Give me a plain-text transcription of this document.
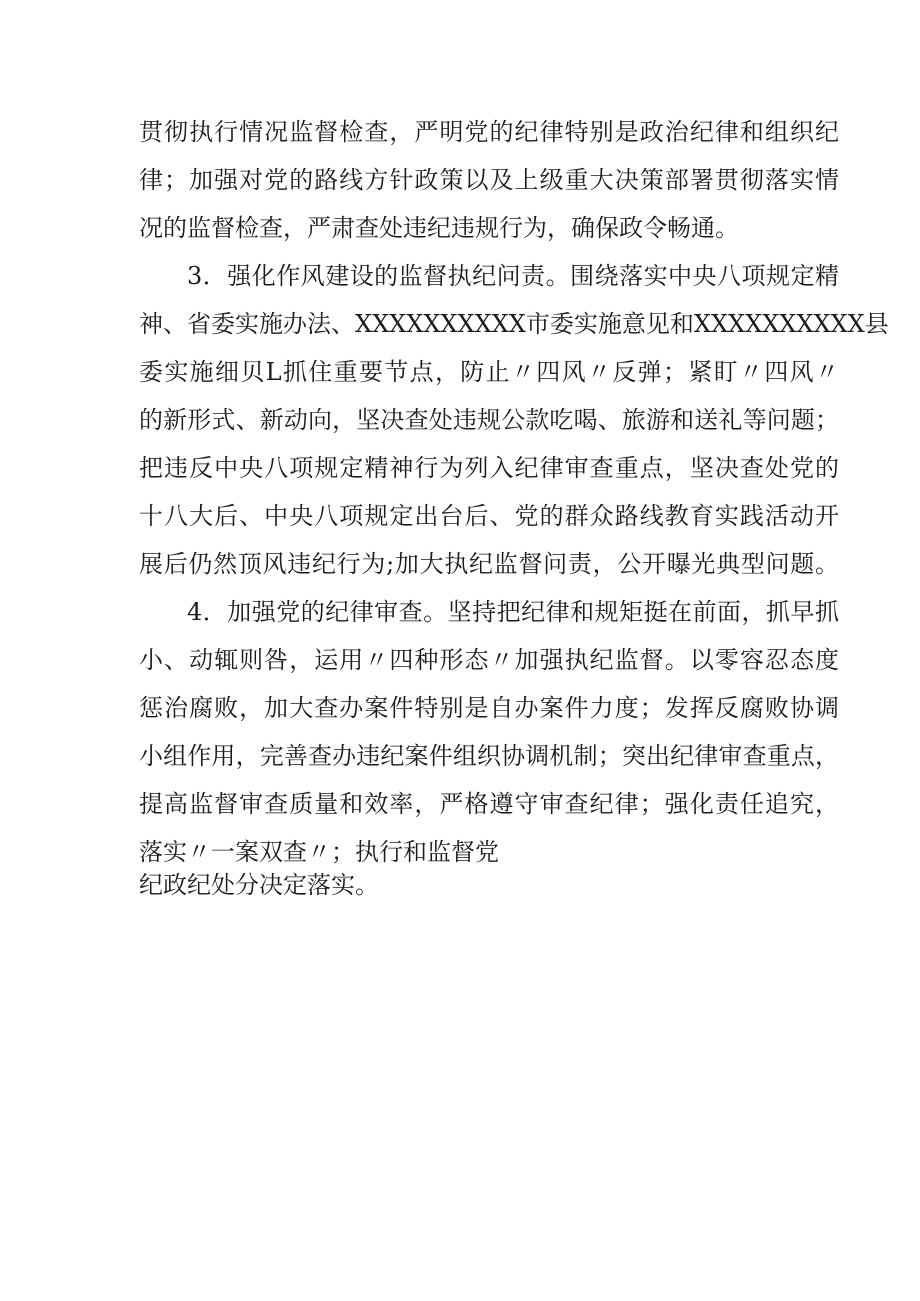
贯彻执行情况监督检查，严明党的纪律特别是政治纪律和组织纪
律；加强对党的路线方针政策以及上级重大决策部署贯彻落实情
况的监督检查，严肃查处违纪违规行为，确保政令畅通。
3．强化作风建设的监督执纪问责。围绕落实中央八项规定精
神、省委实施办法、XXXXXXXXXX市委实施意见和XXXXXXXXXX县
委实施细贝L抓住重要节点，防止〃四风〃反弹；紧盯〃四风〃
的新形式、新动向，坚决查处违规公款吃喝、旅游和送礼等问题；
把违反中央八项规定精神行为列入纪律审查重点，坚决查处党的
十八大后、中央八项规定出台后、党的群众路线教育实践活动开
展后仍然顶风违纪行为;加大执纪监督问责，公开曝光典型问题。
4．加强党的纪律审查。坚持把纪律和规矩挺在前面，抓早抓
小、动辄则咎，运用〃四种形态〃加强执纪监督。以零容忍态度
惩治腐败，加大查办案件特别是自办案件力度；发挥反腐败协调
小组作用，完善查办违纪案件组织协调机制；突出纪律审查重点，
提高监督审查质量和效率，严格遵守审查纪律；强化责任追究，
落实〃一案双查〃；执行和监督党
纪政纪处分决定落实。
